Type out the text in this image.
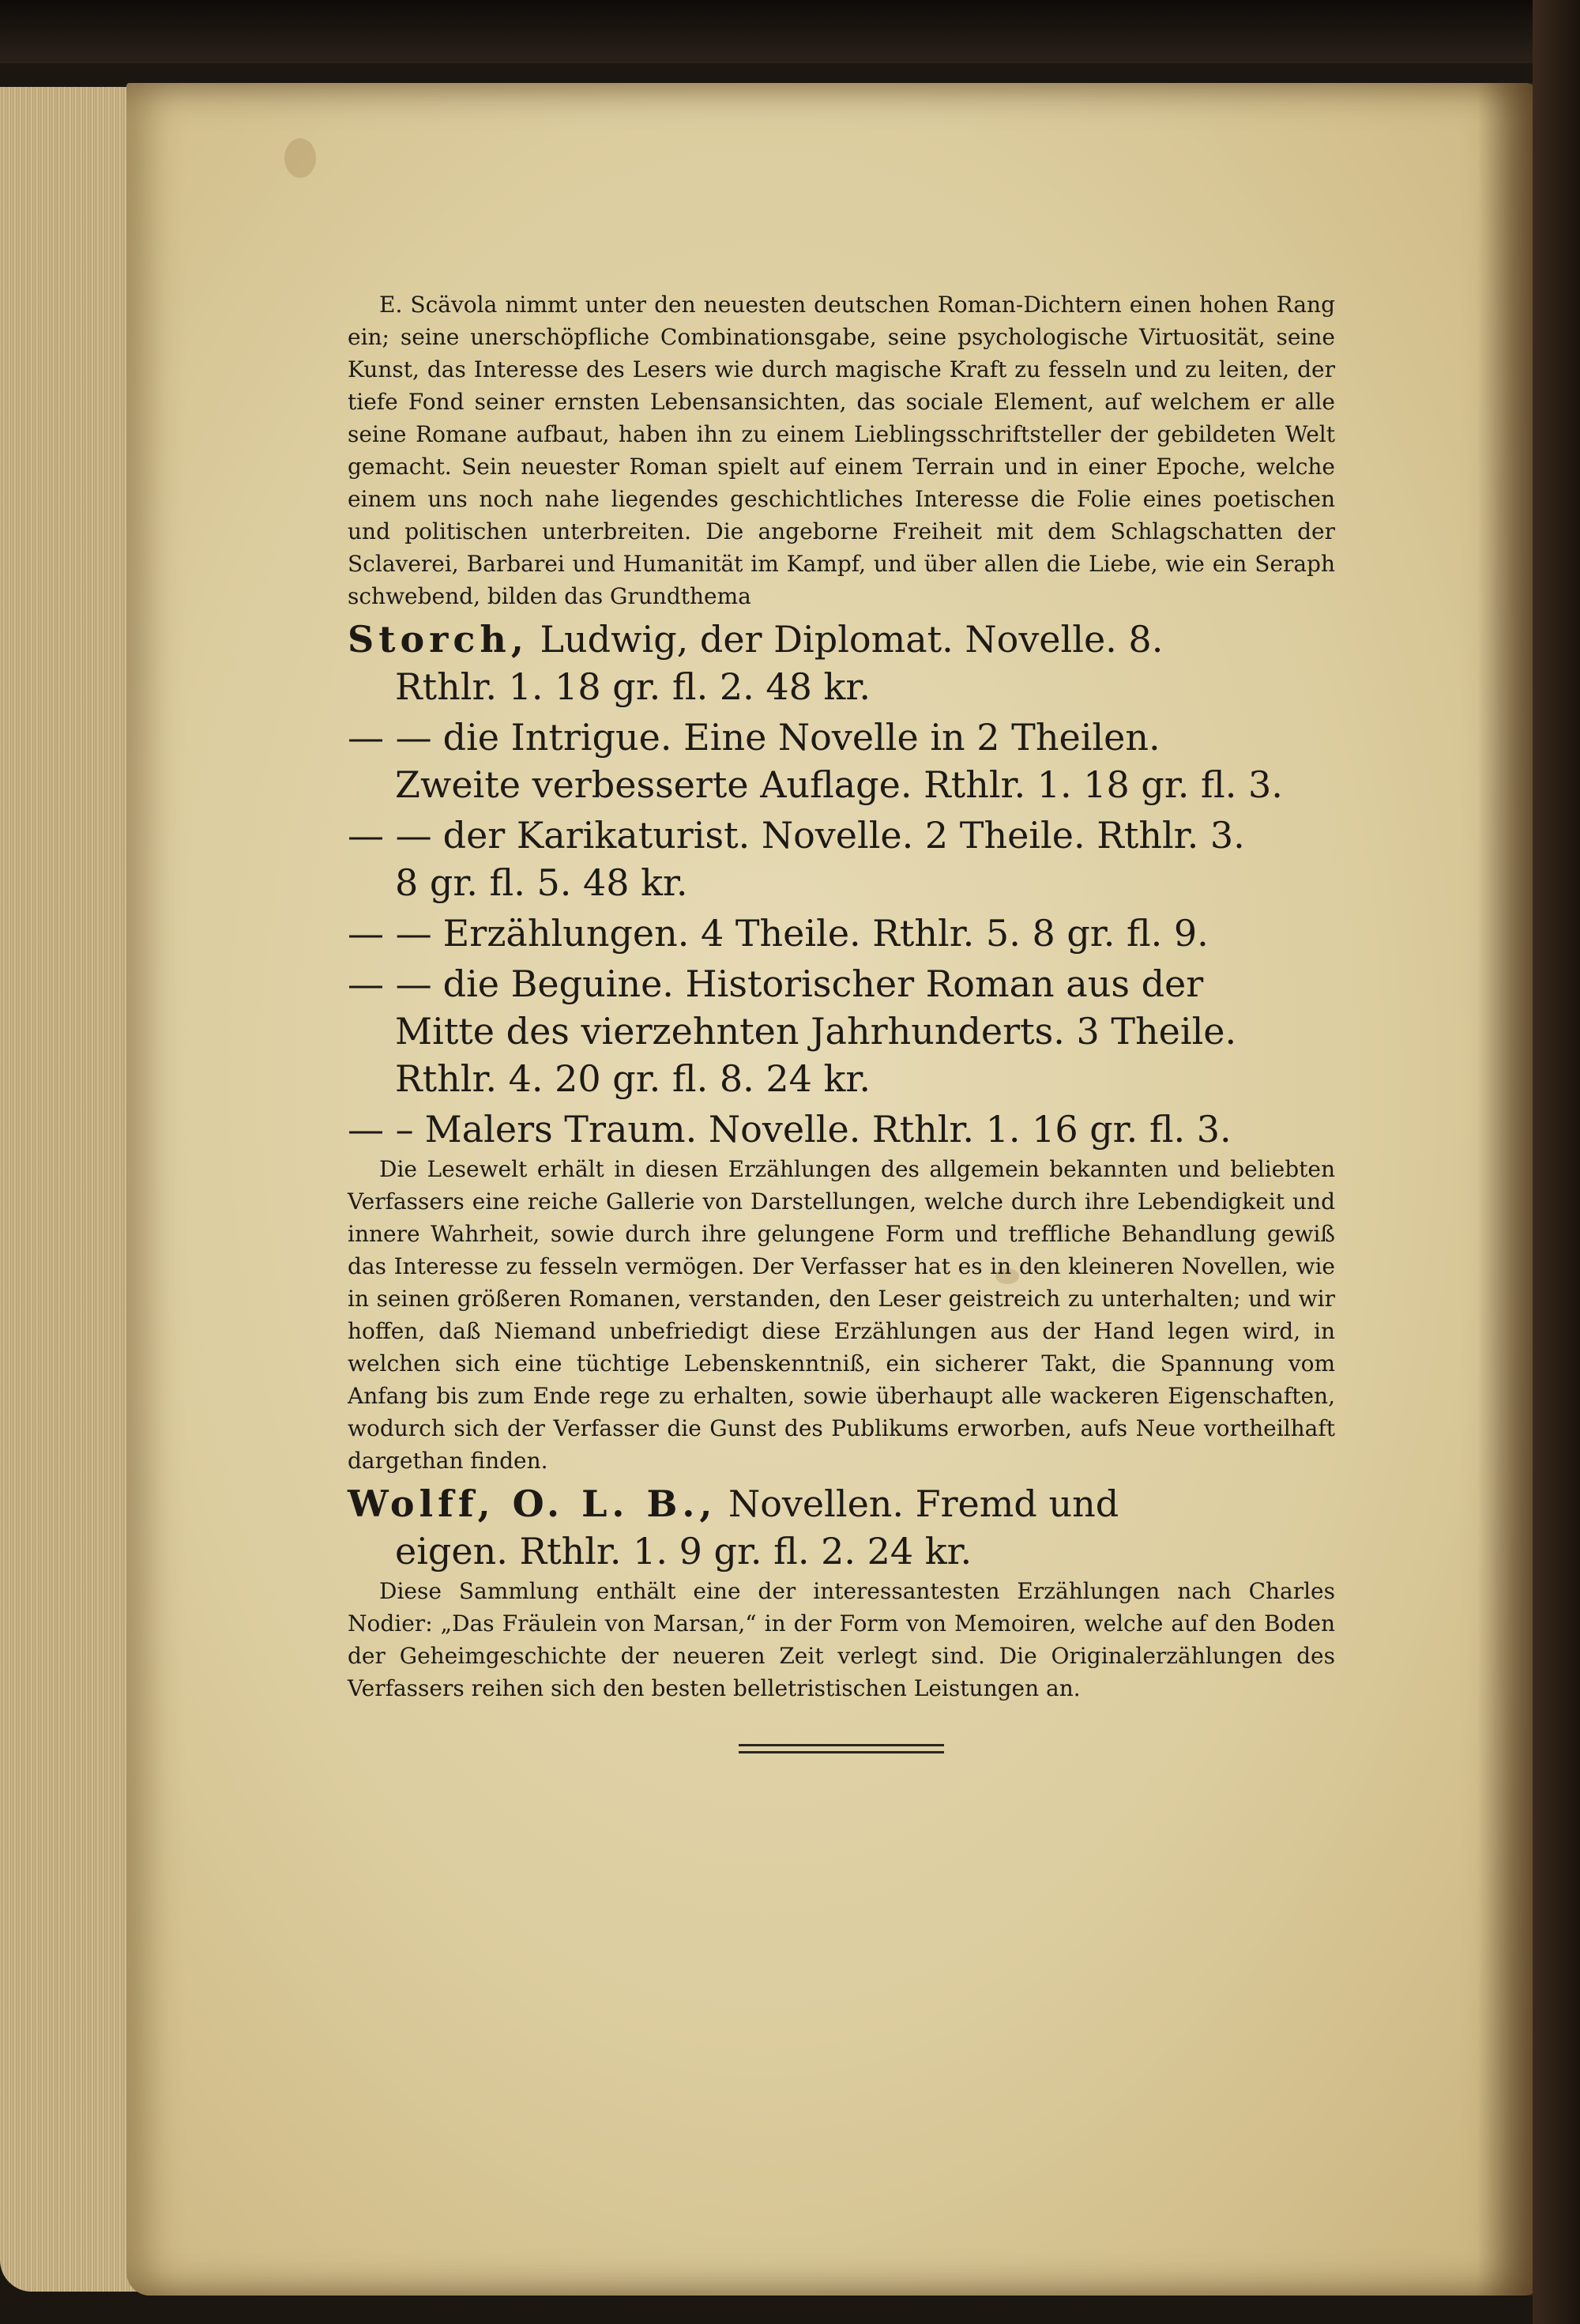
E. Scävola nimmt unter den neuesten deutschen Roman-Dichtern einen hohen Rang ein; seine unerschöpfliche Combinationsgabe, seine psychologische Virtuosität, seine Kunst, das Interesse des Lesers wie durch magische Kraft zu fesseln und zu leiten, der tiefe Fond seiner ernsten Lebensansichten, das sociale Element, auf welchem er alle seine Romane aufbaut, haben ihn zu einem Lieblingsschriftsteller der gebildeten Welt gemacht. Sein neuester Roman spielt auf einem Terrain und in einer Epoche, welche einem uns noch nahe liegendes geschichtliches Interesse die Folie eines poetischen und politischen unterbreiten. Die angeborne Freiheit mit dem Schlagschatten der Sclaverei, Barbarei und Humanität im Kampf, und über allen die Liebe, wie ein Seraph schwebend, bilden das Grundthema

Storch, Ludwig, der Diplomat. Novelle. 8.
Rthlr. 1. 18 gr. fl. 2. 48 kr.
— — die Intrigue. Eine Novelle in 2 Theilen.
Zweite verbesserte Auflage. Rthlr. 1. 18 gr. fl. 3.
— — der Karikaturist. Novelle. 2 Theile. Rthlr. 3.
8 gr. fl. 5. 48 kr.
— — Erzählungen. 4 Theile. Rthlr. 5. 8 gr. fl. 9.
— — die Beguine. Historischer Roman aus der
Mitte des vierzehnten Jahrhunderts. 3 Theile.
Rthlr. 4. 20 gr. fl. 8. 24 kr.
— – Malers Traum. Novelle. Rthlr. 1. 16 gr. fl. 3.

Die Lesewelt erhält in diesen Erzählungen des allgemein bekannten und beliebten Verfassers eine reiche Gallerie von Darstellungen, welche durch ihre Lebendigkeit und innere Wahrheit, sowie durch ihre gelungene Form und treffliche Behandlung gewiß das Interesse zu fesseln vermögen. Der Verfasser hat es in den kleineren Novellen, wie in seinen größeren Romanen, verstanden, den Leser geistreich zu unterhalten; und wir hoffen, daß Niemand unbefriedigt diese Erzählungen aus der Hand legen wird, in welchen sich eine tüchtige Lebenskenntniß, ein sicherer Takt, die Spannung vom Anfang bis zum Ende rege zu erhalten, sowie überhaupt alle wackeren Eigenschaften, wodurch sich der Verfasser die Gunst des Publikums erworben, aufs Neue vortheilhaft dargethan finden.

Wolff, O. L. B., Novellen. Fremd und
eigen. Rthlr. 1. 9 gr. fl. 2. 24 kr.

Diese Sammlung enthält eine der interessantesten Erzählungen nach Charles Nodier: „Das Fräulein von Marsan,“ in der Form von Memoiren, welche auf den Boden der Geheimgeschichte der neueren Zeit verlegt sind. Die Originalerzählungen des Verfassers reihen sich den besten belletristischen Leistungen an.
